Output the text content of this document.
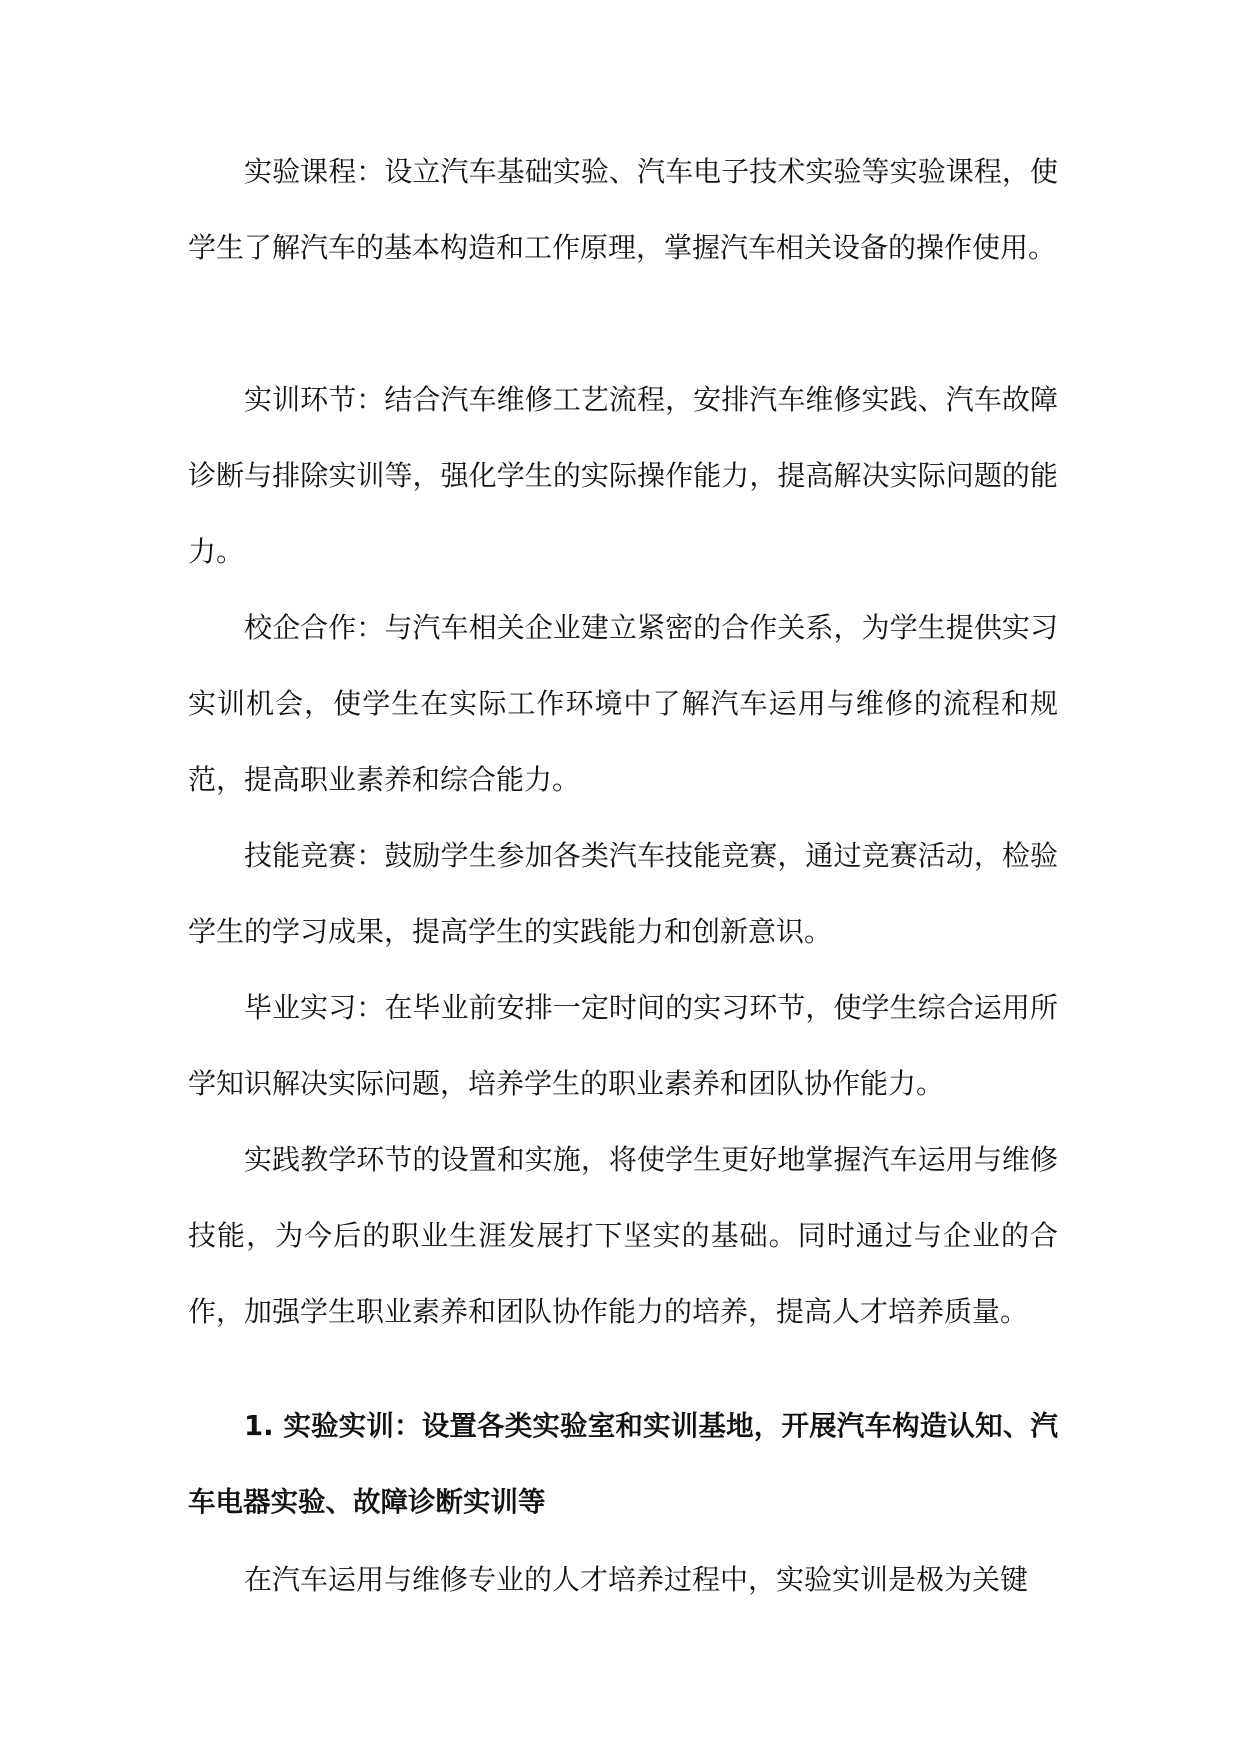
实验课程：设立汽车基础实验、汽车电子技术实验等实验课程，使学生了解汽车的基本构造和工作原理，掌握汽车相关设备的操作使用。

实训环节：结合汽车维修工艺流程，安排汽车维修实践、汽车故障诊断与排除实训等，强化学生的实际操作能力，提高解决实际问题的能力。

校企合作：与汽车相关企业建立紧密的合作关系，为学生提供实习实训机会，使学生在实际工作环境中了解汽车运用与维修的流程和规范，提高职业素养和综合能力。

技能竞赛：鼓励学生参加各类汽车技能竞赛，通过竞赛活动，检验学生的学习成果，提高学生的实践能力和创新意识。

毕业实习：在毕业前安排一定时间的实习环节，使学生综合运用所学知识解决实际问题，培养学生的职业素养和团队协作能力。

实践教学环节的设置和实施，将使学生更好地掌握汽车运用与维修技能，为今后的职业生涯发展打下坚实的基础。同时通过与企业的合作，加强学生职业素养和团队协作能力的培养，提高人才培养质量。

1. 实验实训：设置各类实验室和实训基地，开展汽车构造认知、汽车电器实验、故障诊断实训等

在汽车运用与维修专业的人才培养过程中，实验实训是极为关键
